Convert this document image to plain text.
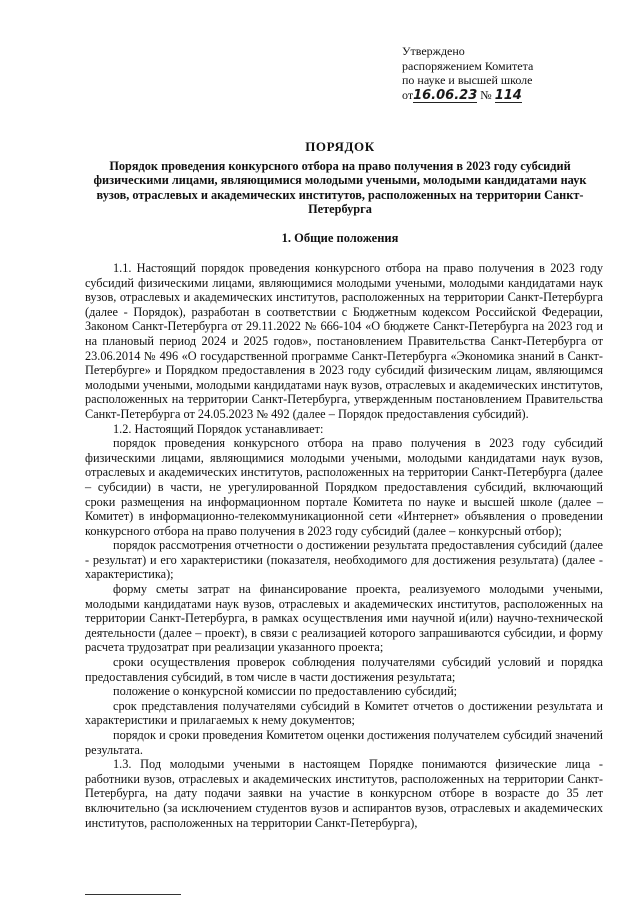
Утверждено
распоряжением Комитета
по науке и высшей школе
от16.06.23 № 114
ПОРЯДОК
Порядок проведения конкурсного отбора на право получения в 2023 году субсидий физическими лицами, являющимися молодыми учеными, молодыми кандидатами наук вузов, отраслевых и академических институтов, расположенных на территории Санкт-Петербурга
1. Общие положения

1.1. Настоящий порядок проведения конкурсного отбора на право получения в 2023 году субсидий физическими лицами, являющимися молодыми учеными, молодыми кандидатами наук вузов, отраслевых и академических институтов, расположенных на территории Санкт-Петербурга (далее - Порядок), разработан в соответствии с Бюджетным кодексом Российской Федерации, Законом Санкт-Петербурга от 29.11.2022 № 666-104 «О бюджете Санкт-Петербурга на 2023 год и на плановый период 2024 и 2025 годов», постановлением Правительства Санкт-Петербурга от 23.06.2014 № 496 «О государственной программе Санкт-Петербурга «Экономика знаний в Санкт-Петербурге» и Порядком предоставления в 2023 году субсидий физическим лицам, являющимся молодыми учеными, молодыми кандидатами наук вузов, отраслевых и академических институтов, расположенных на территории Санкт-Петербурга, утвержденным постановлением Правительства Санкт-Петербурга от 24.05.2023 № 492 (далее – Порядок предоставления субсидий).

1.2. Настоящий Порядок устанавливает:

порядок проведения конкурсного отбора на право получения в 2023 году субсидий физическими лицами, являющимися молодыми учеными, молодыми кандидатами наук вузов, отраслевых и академических институтов, расположенных на территории Санкт-Петербурга (далее – субсидии) в части, не урегулированной Порядком предоставления субсидий, включающий сроки размещения на информационном портале Комитета по науке и высшей школе (далее – Комитет) в информационно-телекоммуникационной сети «Интернет» объявления о проведении конкурсного отбора на право получения в 2023 году субсидий (далее – конкурсный отбор);

порядок рассмотрения отчетности о достижении результата предоставления субсидий (далее - результат) и его характеристики (показателя, необходимого для достижения результата) (далее - характеристика);

форму сметы затрат на финансирование проекта, реализуемого молодыми учеными, молодыми кандидатами наук вузов, отраслевых и академических институтов, расположенных на территории Санкт-Петербурга, в рамках осуществления ими научной и(или) научно-технической деятельности (далее – проект), в связи с реализацией которого запрашиваются субсидии, и форму расчета трудозатрат при реализации указанного проекта;

сроки осуществления проверок соблюдения получателями субсидий условий и порядка предоставления субсидий, в том числе в части достижения результата;

положение о конкурсной комиссии по предоставлению субсидий;

срок представления получателями субсидий в Комитет отчетов о достижении результата и характеристики и прилагаемых к нему документов;

порядок и сроки проведения Комитетом оценки достижения получателем субсидий значений результата.

1.3. Под молодыми учеными в настоящем Порядке понимаются физические лица - работники вузов, отраслевых и академических институтов, расположенных на территории Санкт-Петербурга, на дату подачи заявки на участие в конкурсном отборе в возрасте до 35 лет включительно (за исключением студентов вузов и аспирантов вузов, отраслевых и академических институтов, расположенных на территории Санкт-Петербурга),
